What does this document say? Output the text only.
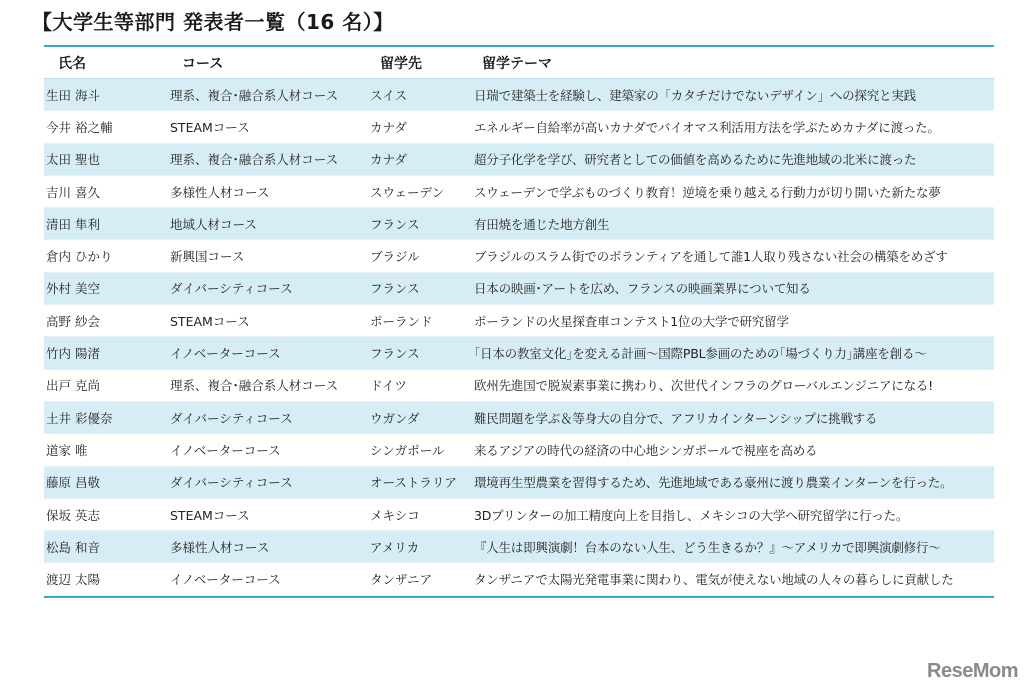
【大学生等部門 発表者一覧（16 名）】
氏名	コース	留学先	留学テーマ
生田 海斗	理系、複合･融合系人材コース	スイス	日瑞で建築士を経験し、建築家の「カタチだけでないデザイン」への探究と実践
今井 裕之輔	STEAMコース	カナダ	エネルギー自給率が高いカナダでバイオマス利活用方法を学ぶためカナダに渡った。
太田 聖也	理系、複合･融合系人材コース	カナダ	超分子化学を学び、研究者としての価値を高めるために先進地域の北米に渡った
吉川 喜久	多様性人材コース	スウェーデン	スウェーデンで学ぶものづくり教育！逆境を乗り越える行動力が切り開いた新たな夢
清田 隼利	地域人材コース	フランス	有田焼を通じた地方創生
倉内 ひかり	新興国コース	ブラジル	ブラジルのスラム街でのボランティアを通して誰1人取り残さない社会の構築をめざす
外村 美空	ダイバーシティコース	フランス	日本の映画･アートを広め、フランスの映画業界について知る
高野 紗会	STEAMコース	ポーランド	ポーランドの火星探査車コンテスト1位の大学で研究留学
竹内 陽渚	イノベーターコース	フランス	｢日本の教室文化｣を変える計画～国際PBL参画のための｢場づくり力｣講座を創る～
出戸 克尚	理系、複合･融合系人材コース	ドイツ	欧州先進国で脱炭素事業に携わり、次世代インフラのグローバルエンジニアになる!
土井 彩優奈	ダイバーシティコース	ウガンダ	難民問題を学ぶ＆等身大の自分で、アフリカインターンシップに挑戦する
道家 唯	イノベーターコース	シンガポール	来るアジアの時代の経済の中心地シンガポールで視座を高める
藤原 昌敬	ダイバーシティコース	オーストラリア	環境再生型農業を習得するため、先進地域である豪州に渡り農業インターンを行った。
保坂 英志	STEAMコース	メキシコ	3Dプリンターの加工精度向上を目指し、メキシコの大学へ研究留学に行った。
松島 和音	多様性人材コース	アメリカ	『人生は即興演劇！台本のない人生、どう生きるか？』～アメリカで即興演劇修行～
渡辺 太陽	イノベーターコース	タンザニア	タンザニアで太陽光発電事業に関わり、電気が使えない地域の人々の暮らしに貢献した
ReseMom
